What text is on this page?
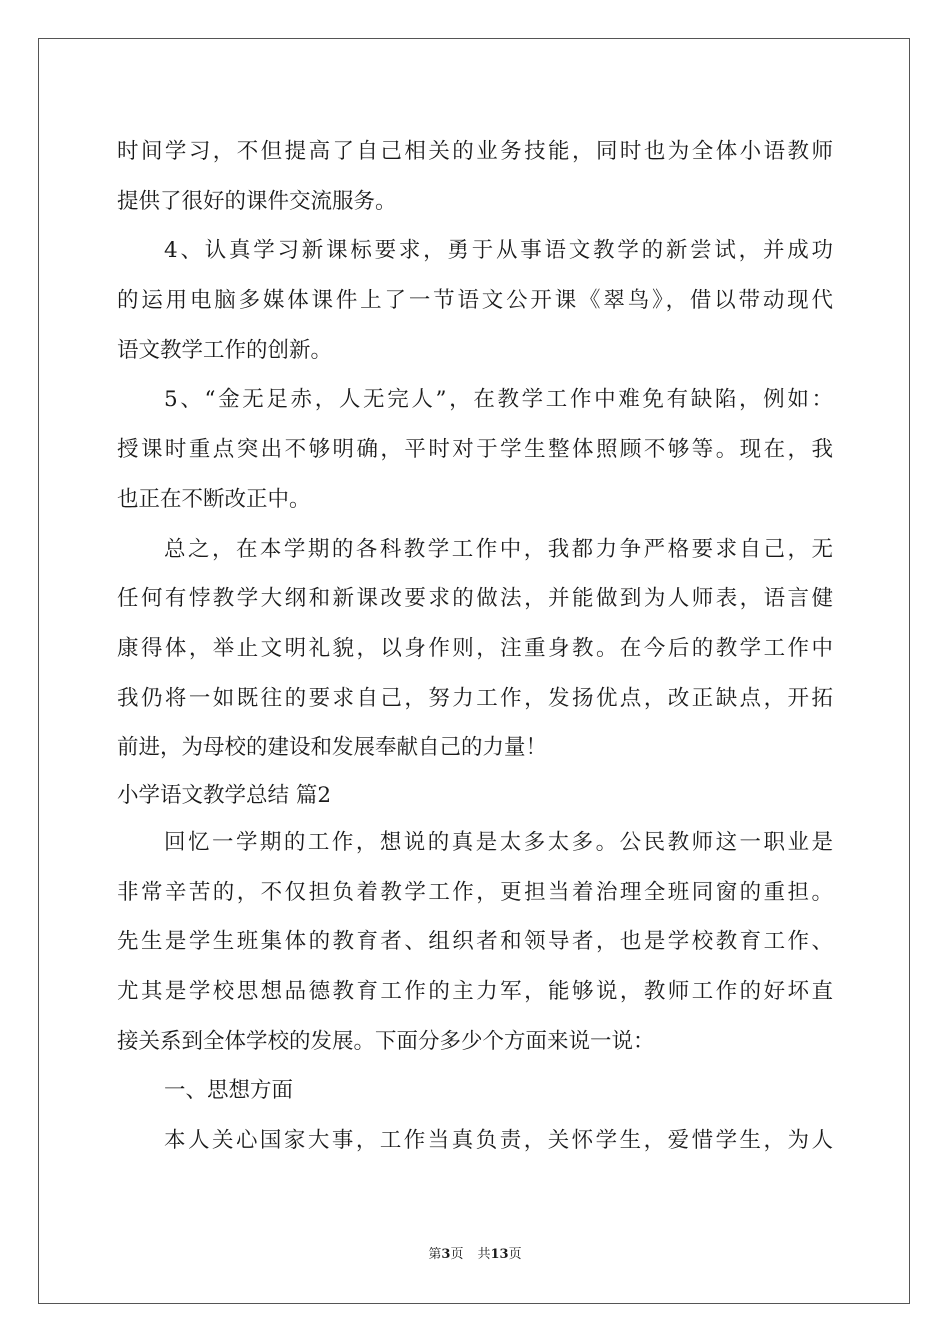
时间学习，不但提高了自己相关的业务技能，同时也为全体小语教师
提供了很好的课件交流服务。
4、认真学习新课标要求，勇于从事语文教学的新尝试，并成功
的运用电脑多媒体课件上了一节语文公开课《翠鸟》，借以带动现代
语文教学工作的创新。
5、“金无足赤，人无完人”，在教学工作中难免有缺陷，例如：
授课时重点突出不够明确，平时对于学生整体照顾不够等。现在，我
也正在不断改正中。
总之，在本学期的各科教学工作中，我都力争严格要求自己，无
任何有悖教学大纲和新课改要求的做法，并能做到为人师表，语言健
康得体，举止文明礼貌，以身作则，注重身教。在今后的教学工作中
我仍将一如既往的要求自己，努力工作，发扬优点，改正缺点，开拓
前进，为母校的建设和发展奉献自己的力量！
小学语文教学总结 篇2
回忆一学期的工作，想说的真是太多太多。公民教师这一职业是
非常辛苦的，不仅担负着教学工作，更担当着治理全班同窗的重担。
先生是学生班集体的教育者、组织者和领导者，也是学校教育工作、
尤其是学校思想品德教育工作的主力军，能够说，教师工作的好坏直
接关系到全体学校的发展。下面分多少个方面来说一说：
一、思想方面
本人关心国家大事，工作当真负责，关怀学生，爱惜学生，为人
第3页 共13页
